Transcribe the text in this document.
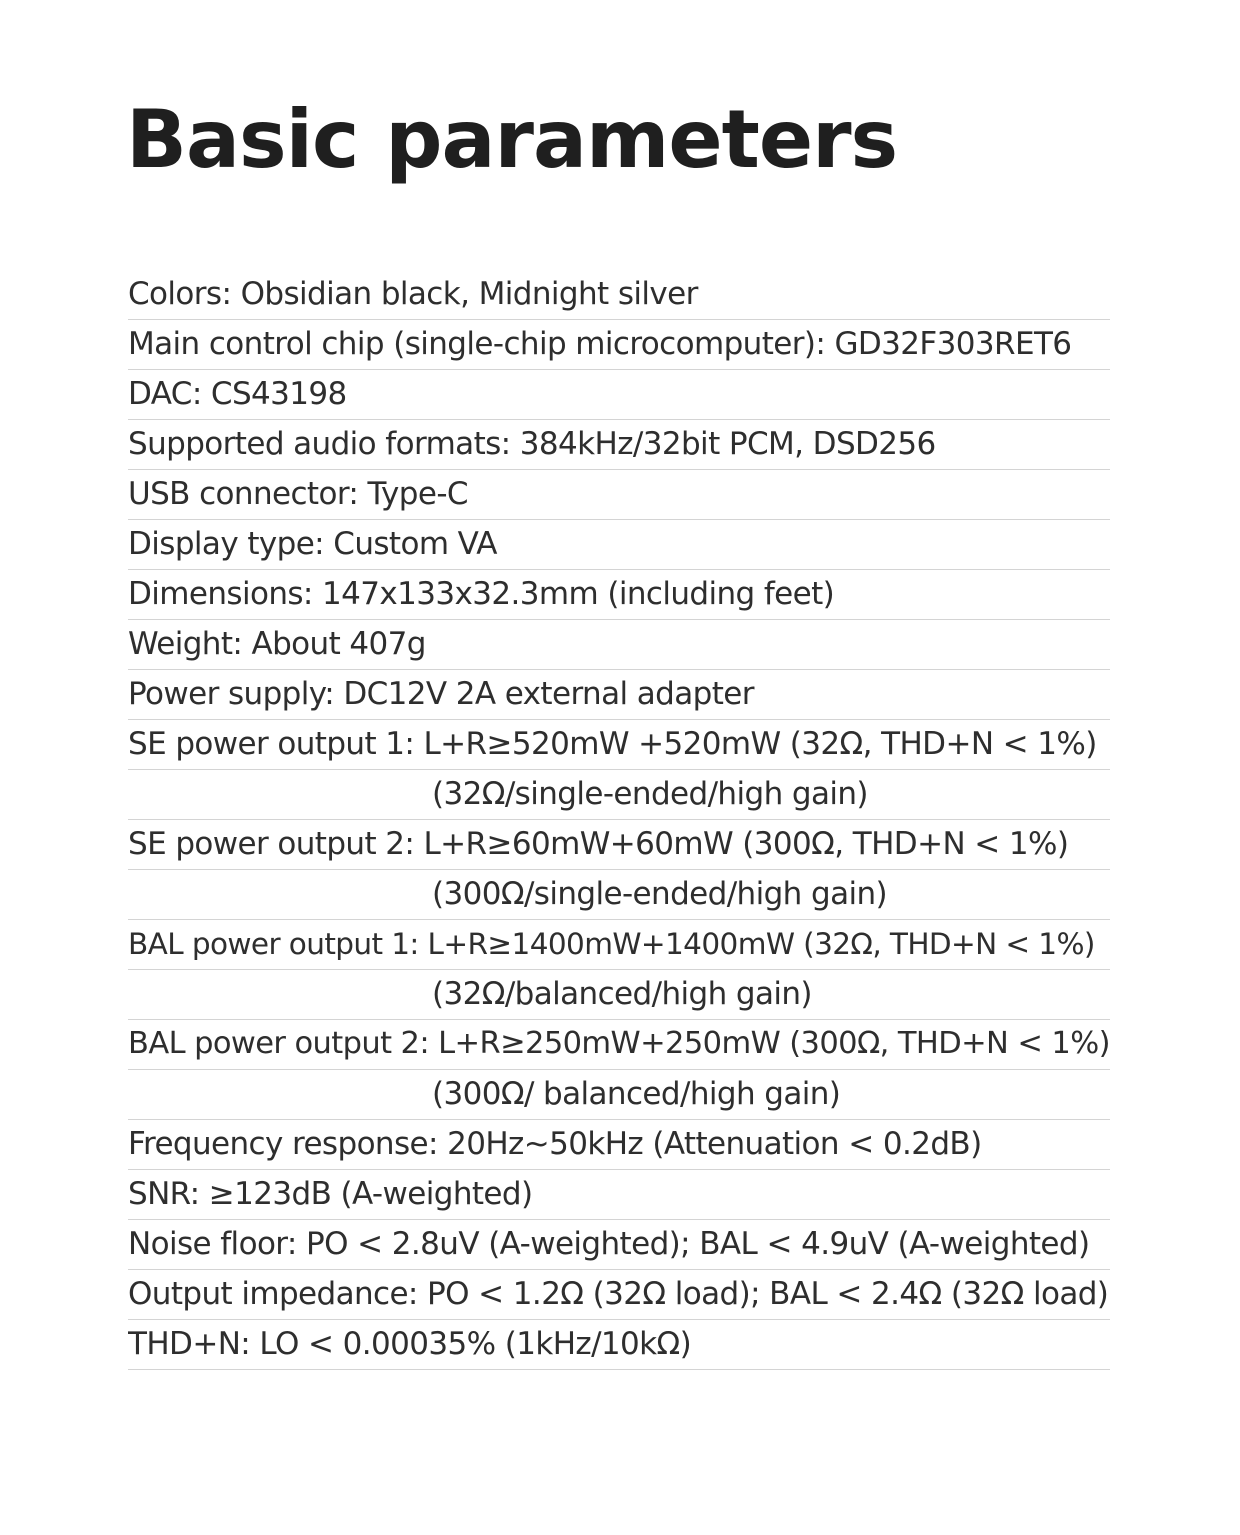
Basic parameters
Colors: Obsidian black, Midnight silver
Main control chip (single-chip microcomputer): GD32F303RET6
DAC: CS43198
Supported audio formats: 384kHz/32bit PCM, DSD256
USB connector: Type-C
Display type: Custom VA
Dimensions: 147x133x32.3mm (including feet)
Weight: About 407g
Power supply: DC12V 2A external adapter
SE power output 1: L+R≥520mW +520mW (32Ω, THD+N < 1%)
(32Ω/single-ended/high gain)
SE power output 2: L+R≥60mW+60mW (300Ω, THD+N < 1%)
(300Ω/single-ended/high gain)
BAL power output 1: L+R≥1400mW+1400mW (32Ω, THD+N < 1%)
(32Ω/balanced/high gain)
BAL power output 2: L+R≥250mW+250mW (300Ω, THD+N < 1%)
(300Ω/ balanced/high gain)
Frequency response: 20Hz~50kHz (Attenuation < 0.2dB)
SNR: ≥123dB (A-weighted)
Noise floor: PO < 2.8uV (A-weighted); BAL < 4.9uV (A-weighted)
Output impedance: PO < 1.2Ω (32Ω load); BAL < 2.4Ω (32Ω load)
THD+N: LO < 0.00035% (1kHz/10kΩ)
